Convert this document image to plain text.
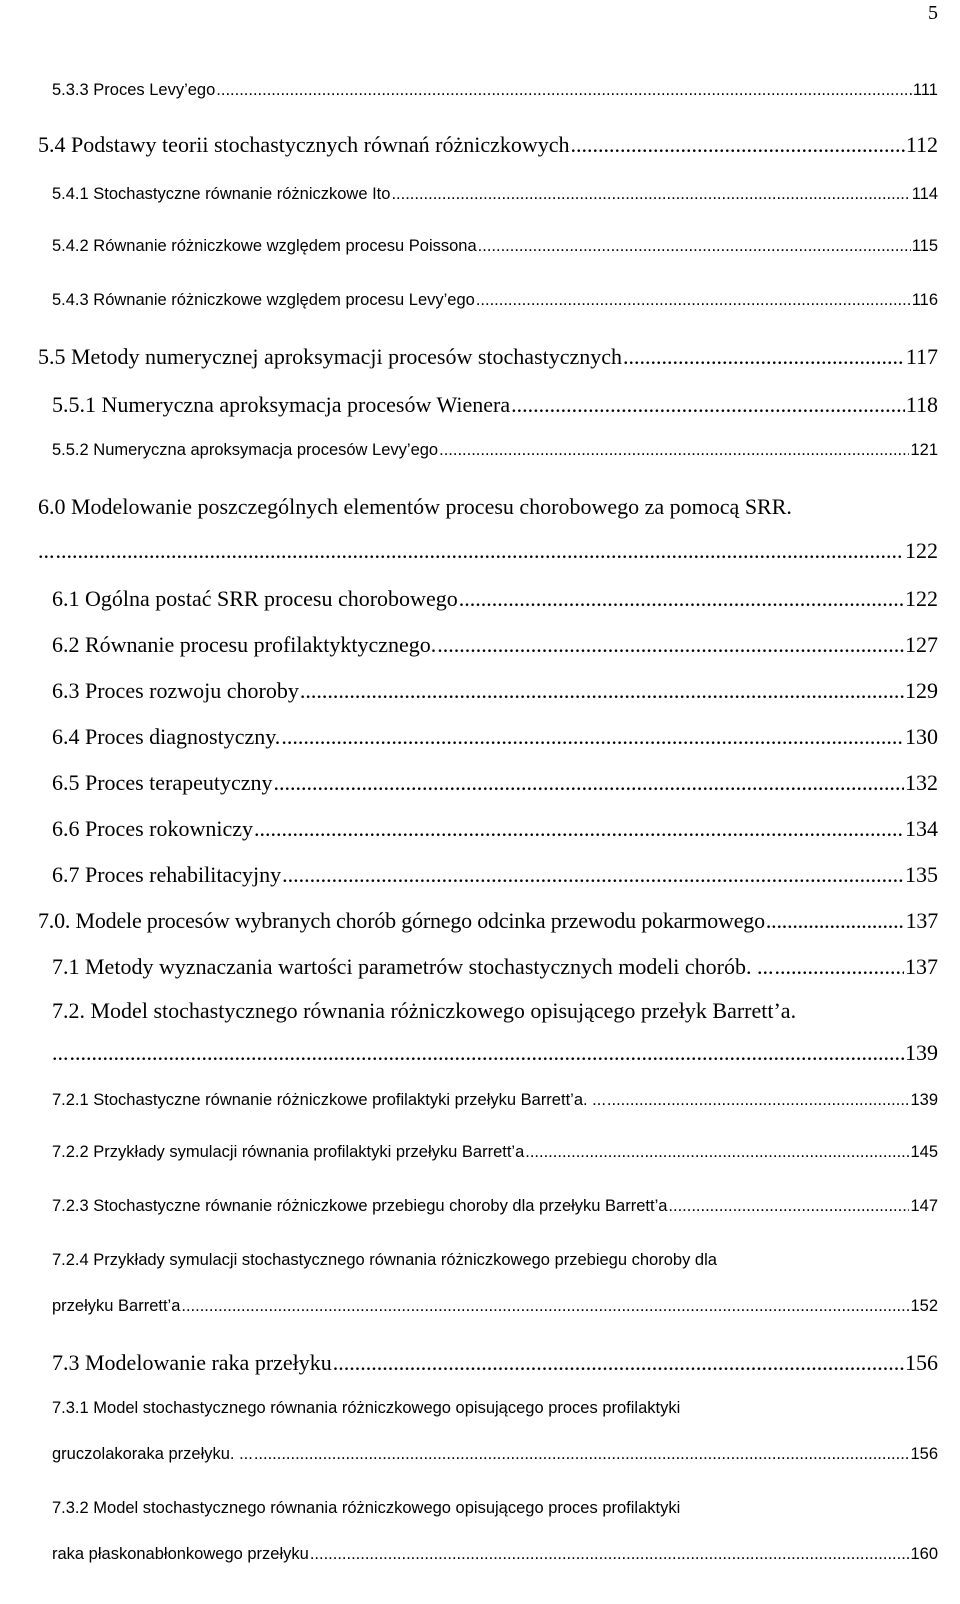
5
5.3.3 Proces Levy’ego .....	111
5.4 Podstawy teorii stochastycznych równań różniczkowych .....	112
5.4.1 Stochastyczne równanie różniczkowe Ito .....	114
5.4.2 Równanie różniczkowe względem procesu Poissona .....	115
5.4.3 Równanie różniczkowe względem procesu Levy’ego .....	116
5.5 Metody numerycznej aproksymacji procesów stochastycznych .....	117
5.5.1 Numeryczna aproksymacja procesów Wienera .....	118
5.5.2 Numeryczna aproksymacja procesów Levy’ego .....	121
6.0 Modelowanie poszczególnych elementów procesu chorobowego za pomocą SRR.
... .....	122
6.1 Ogólna postać SRR procesu chorobowego .....	122
6.2 Równanie procesu profilaktyktycznego. .....	127
6.3 Proces rozwoju choroby .....	129
6.4 Proces diagnostyczny. .....	130
6.5 Proces terapeutyczny .....	132
6.6 Proces rokowniczy .....	134
6.7 Proces rehabilitacyjny .....	135
7.0. Modele procesów wybranych chorób górnego odcinka przewodu pokarmowego .....	137
7.1 Metody wyznaczania wartości parametrów stochastycznych modeli chorób. ... .....	137
7.2. Model stochastycznego równania różniczkowego opisującego przełyk Barrett’a.
... .....	139
7.2.1 Stochastyczne równanie różniczkowe profilaktyki przełyku Barrett’a. ... .....	139
7.2.2 Przykłady symulacji równania profilaktyki przełyku Barrett’a .....	145
7.2.3 Stochastyczne równanie różniczkowe przebiegu choroby dla przełyku Barrett’a .....	147
7.2.4 Przykłady symulacji stochastycznego równania różniczkowego przebiegu choroby dla
przełyku Barrett’a .....	152
7.3 Modelowanie raka przełyku .....	156
7.3.1 Model stochastycznego równania różniczkowego opisującego proces profilaktyki
gruczolakoraka przełyku. ... .....	156
7.3.2 Model stochastycznego równania różniczkowego opisującego proces profilaktyki
raka płaskonabłonkowego przełyku .....	160
